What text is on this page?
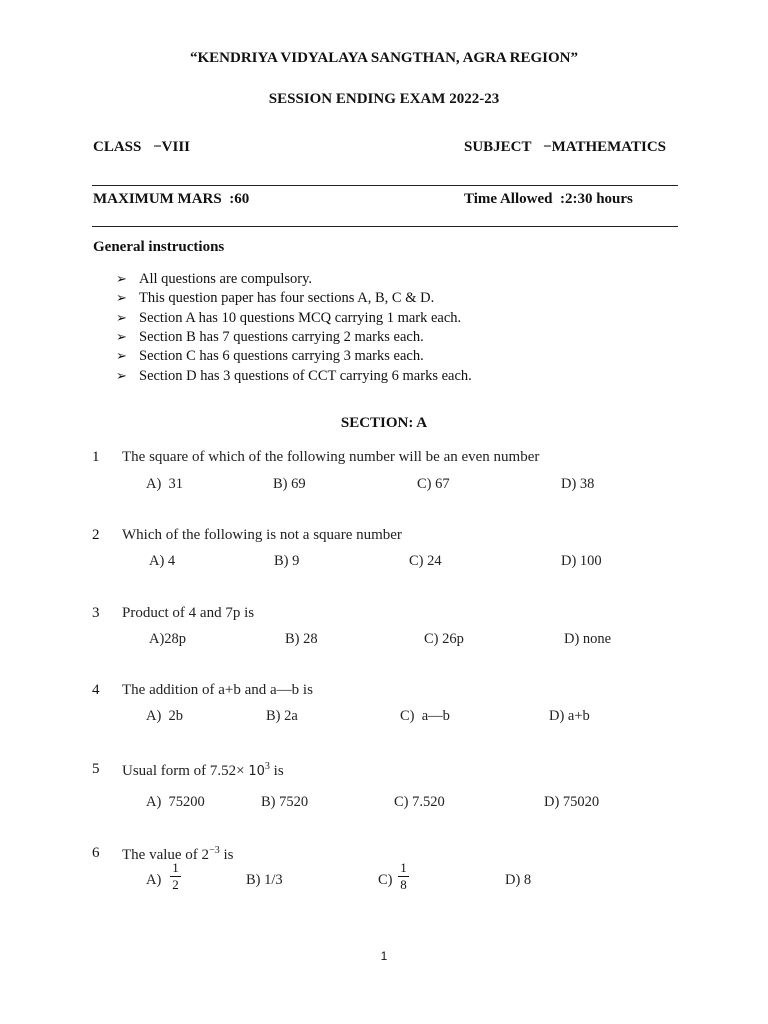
“KENDRIYA VIDYALAYA SANGTHAN, AGRA REGION”
SESSION ENDING EXAM 2022-23
CLASS −VIII	SUBJECT −MATHEMATICS
MAXIMUM MARS  :60	Time Allowed  :2:30 hours
General instructions
➢ All questions are compulsory.
➢ This question paper has four sections A, B, C & D.
➢ Section A has 10 questions MCQ carrying 1 mark each.
➢ Section B has 7 questions carrying 2 marks each.
➢ Section C has 6 questions carrying 3 marks each.
➢ Section D has 3 questions of CCT carrying 6 marks each.
SECTION: A
1 The square of which of the following number will be an even number
A)  31	B) 69	C) 67	D) 38
2 Which of the following is not a square number
A) 4	B) 9	C) 24	D) 100
3 Product of 4 and 7p is
A)28p	B) 28	C) 26p	D) none
4 The addition of a+b and a—b is
A)  2b	B) 2a	C)  a—b	D) a+b
5 Usual form of $7.52\times 10^3$ is
A)  75200	B) 7520	C) 7.520	D) 75020
6 The value of $2^{-3}$ is
A)
1
2	B) 1/3	C)
1
8	D) 8
1
